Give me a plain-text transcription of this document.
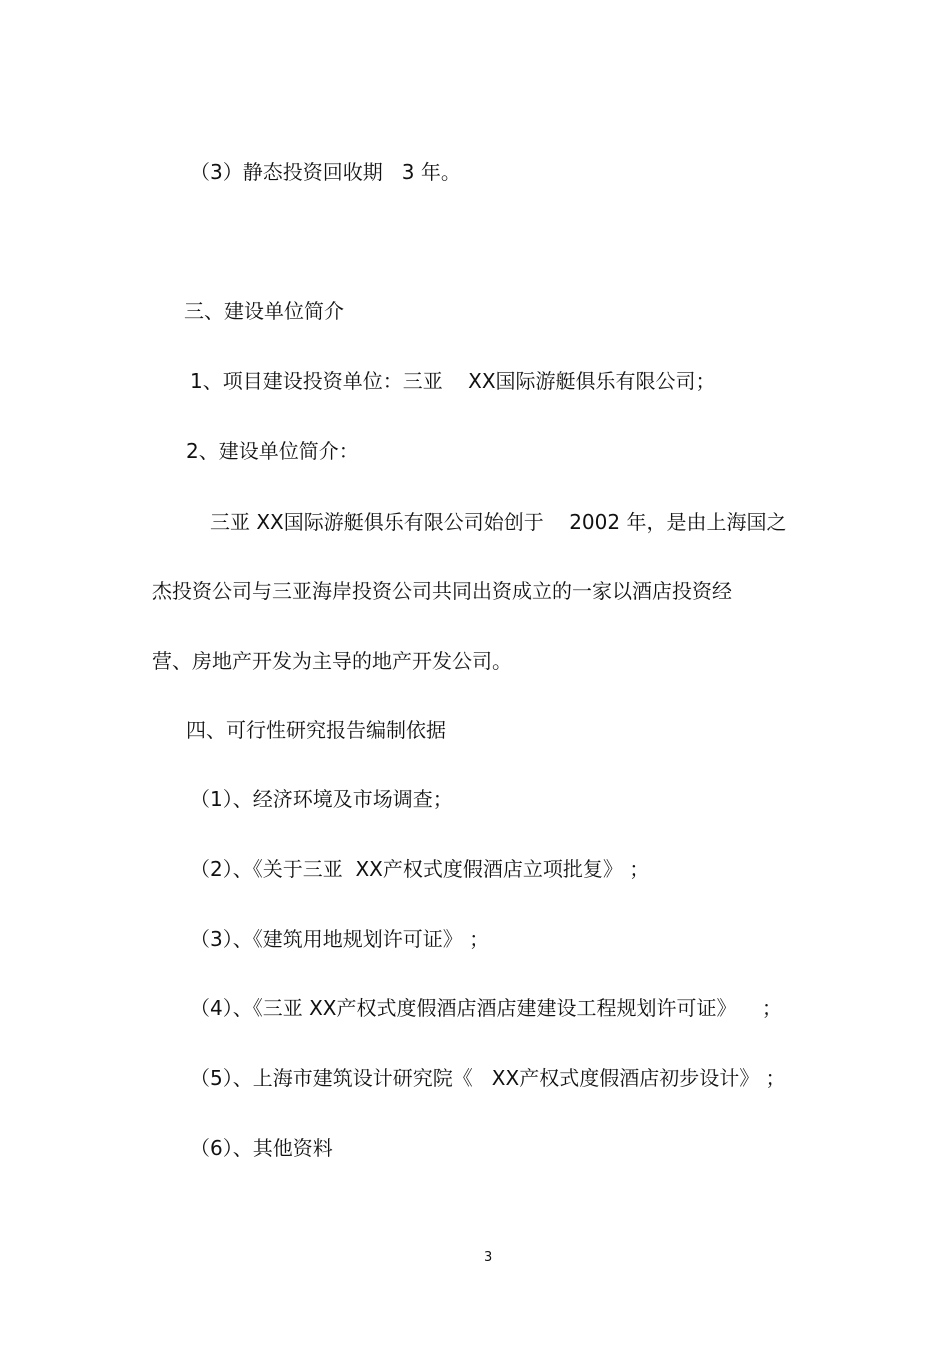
（3）静态投资回收期   3 年。
三、建设单位简介
1、项目建设投资单位：三亚    XX国际游艇俱乐有限公司；
2、建设单位简介：
三亚 XX国际游艇俱乐有限公司始创于    2002 年，是由上海国之
杰投资公司与三亚海岸投资公司共同出资成立的一家以酒店投资经
营、房地产开发为主导的地产开发公司。
四、可行性研究报告编制依据
（1）、经济环境及市场调查；
（2）、《关于三亚  XX产权式度假酒店立项批复》 ；
（3）、《建筑用地规划许可证》 ；
（4）、《三亚 XX产权式度假酒店酒店建建设工程规划许可证》    ；
（5）、上海市建筑设计研究院《   XX产权式度假酒店初步设计》 ；
（6）、其他资料
3
